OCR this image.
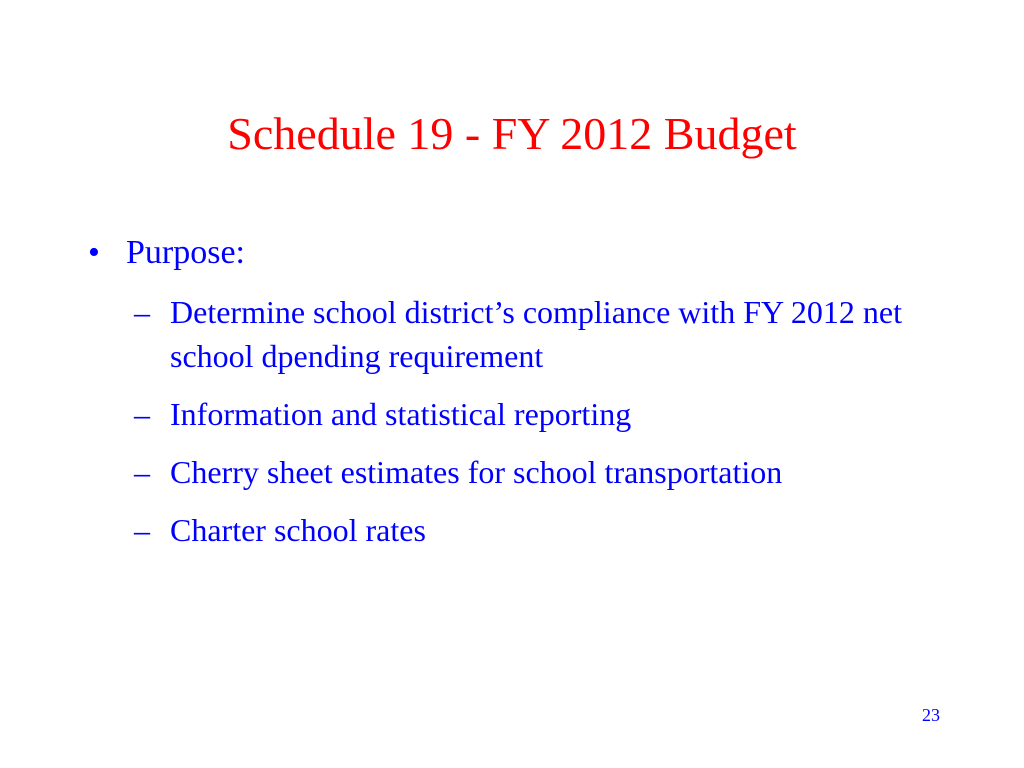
Schedule 19 - FY 2012 Budget
• Purpose:
– Determine school district’s compliance with FY 2012 net school dpending requirement
– Information and statistical reporting
– Cherry sheet estimates for school transportation
– Charter school rates
23
